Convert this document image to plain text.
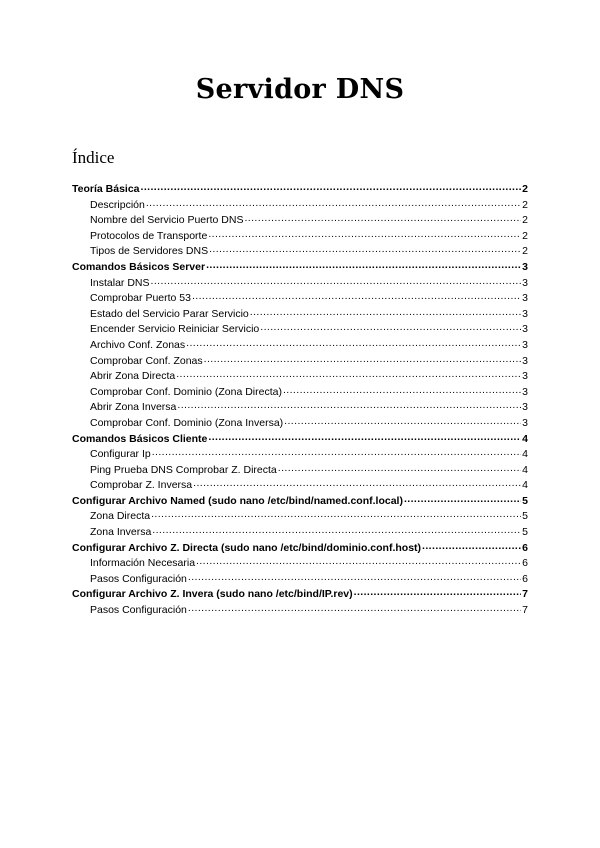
Servidor DNS
Índice
Teoría Básica .....	2
Descripción .....	2
Nombre del Servicio Puerto DNS .....	2
Protocolos de Transporte .....	2
Tipos de Servidores DNS .....	2
Comandos Básicos Server .....	3
Instalar DNS .....	3
Comprobar Puerto 53 .....	3
Estado del Servicio Parar Servicio .....	3
Encender Servicio Reiniciar Servicio .....	3
Archivo Conf. Zonas .....	3
Comprobar Conf. Zonas .....	3
Abrir Zona Directa .....	3
Comprobar Conf. Dominio (Zona Directa) .....	3
Abrir Zona Inversa .....	3
Comprobar Conf. Dominio (Zona Inversa) .....	3
Comandos Básicos Cliente .....	4
Configurar Ip .....	4
Ping Prueba DNS Comprobar Z. Directa .....	4
Comprobar Z. Inversa .....	4
Configurar Archivo Named (sudo nano /etc/bind/named.conf.local) .....	5
Zona Directa .....	5
Zona Inversa .....	5
Configurar Archivo Z. Directa (sudo nano /etc/bind/dominio.conf.host) .....	6
Información Necesaria .....	6
Pasos Configuración .....	6
Configurar Archivo Z. Invera (sudo nano /etc/bind/IP.rev) .....	7
Pasos Configuración .....	7
